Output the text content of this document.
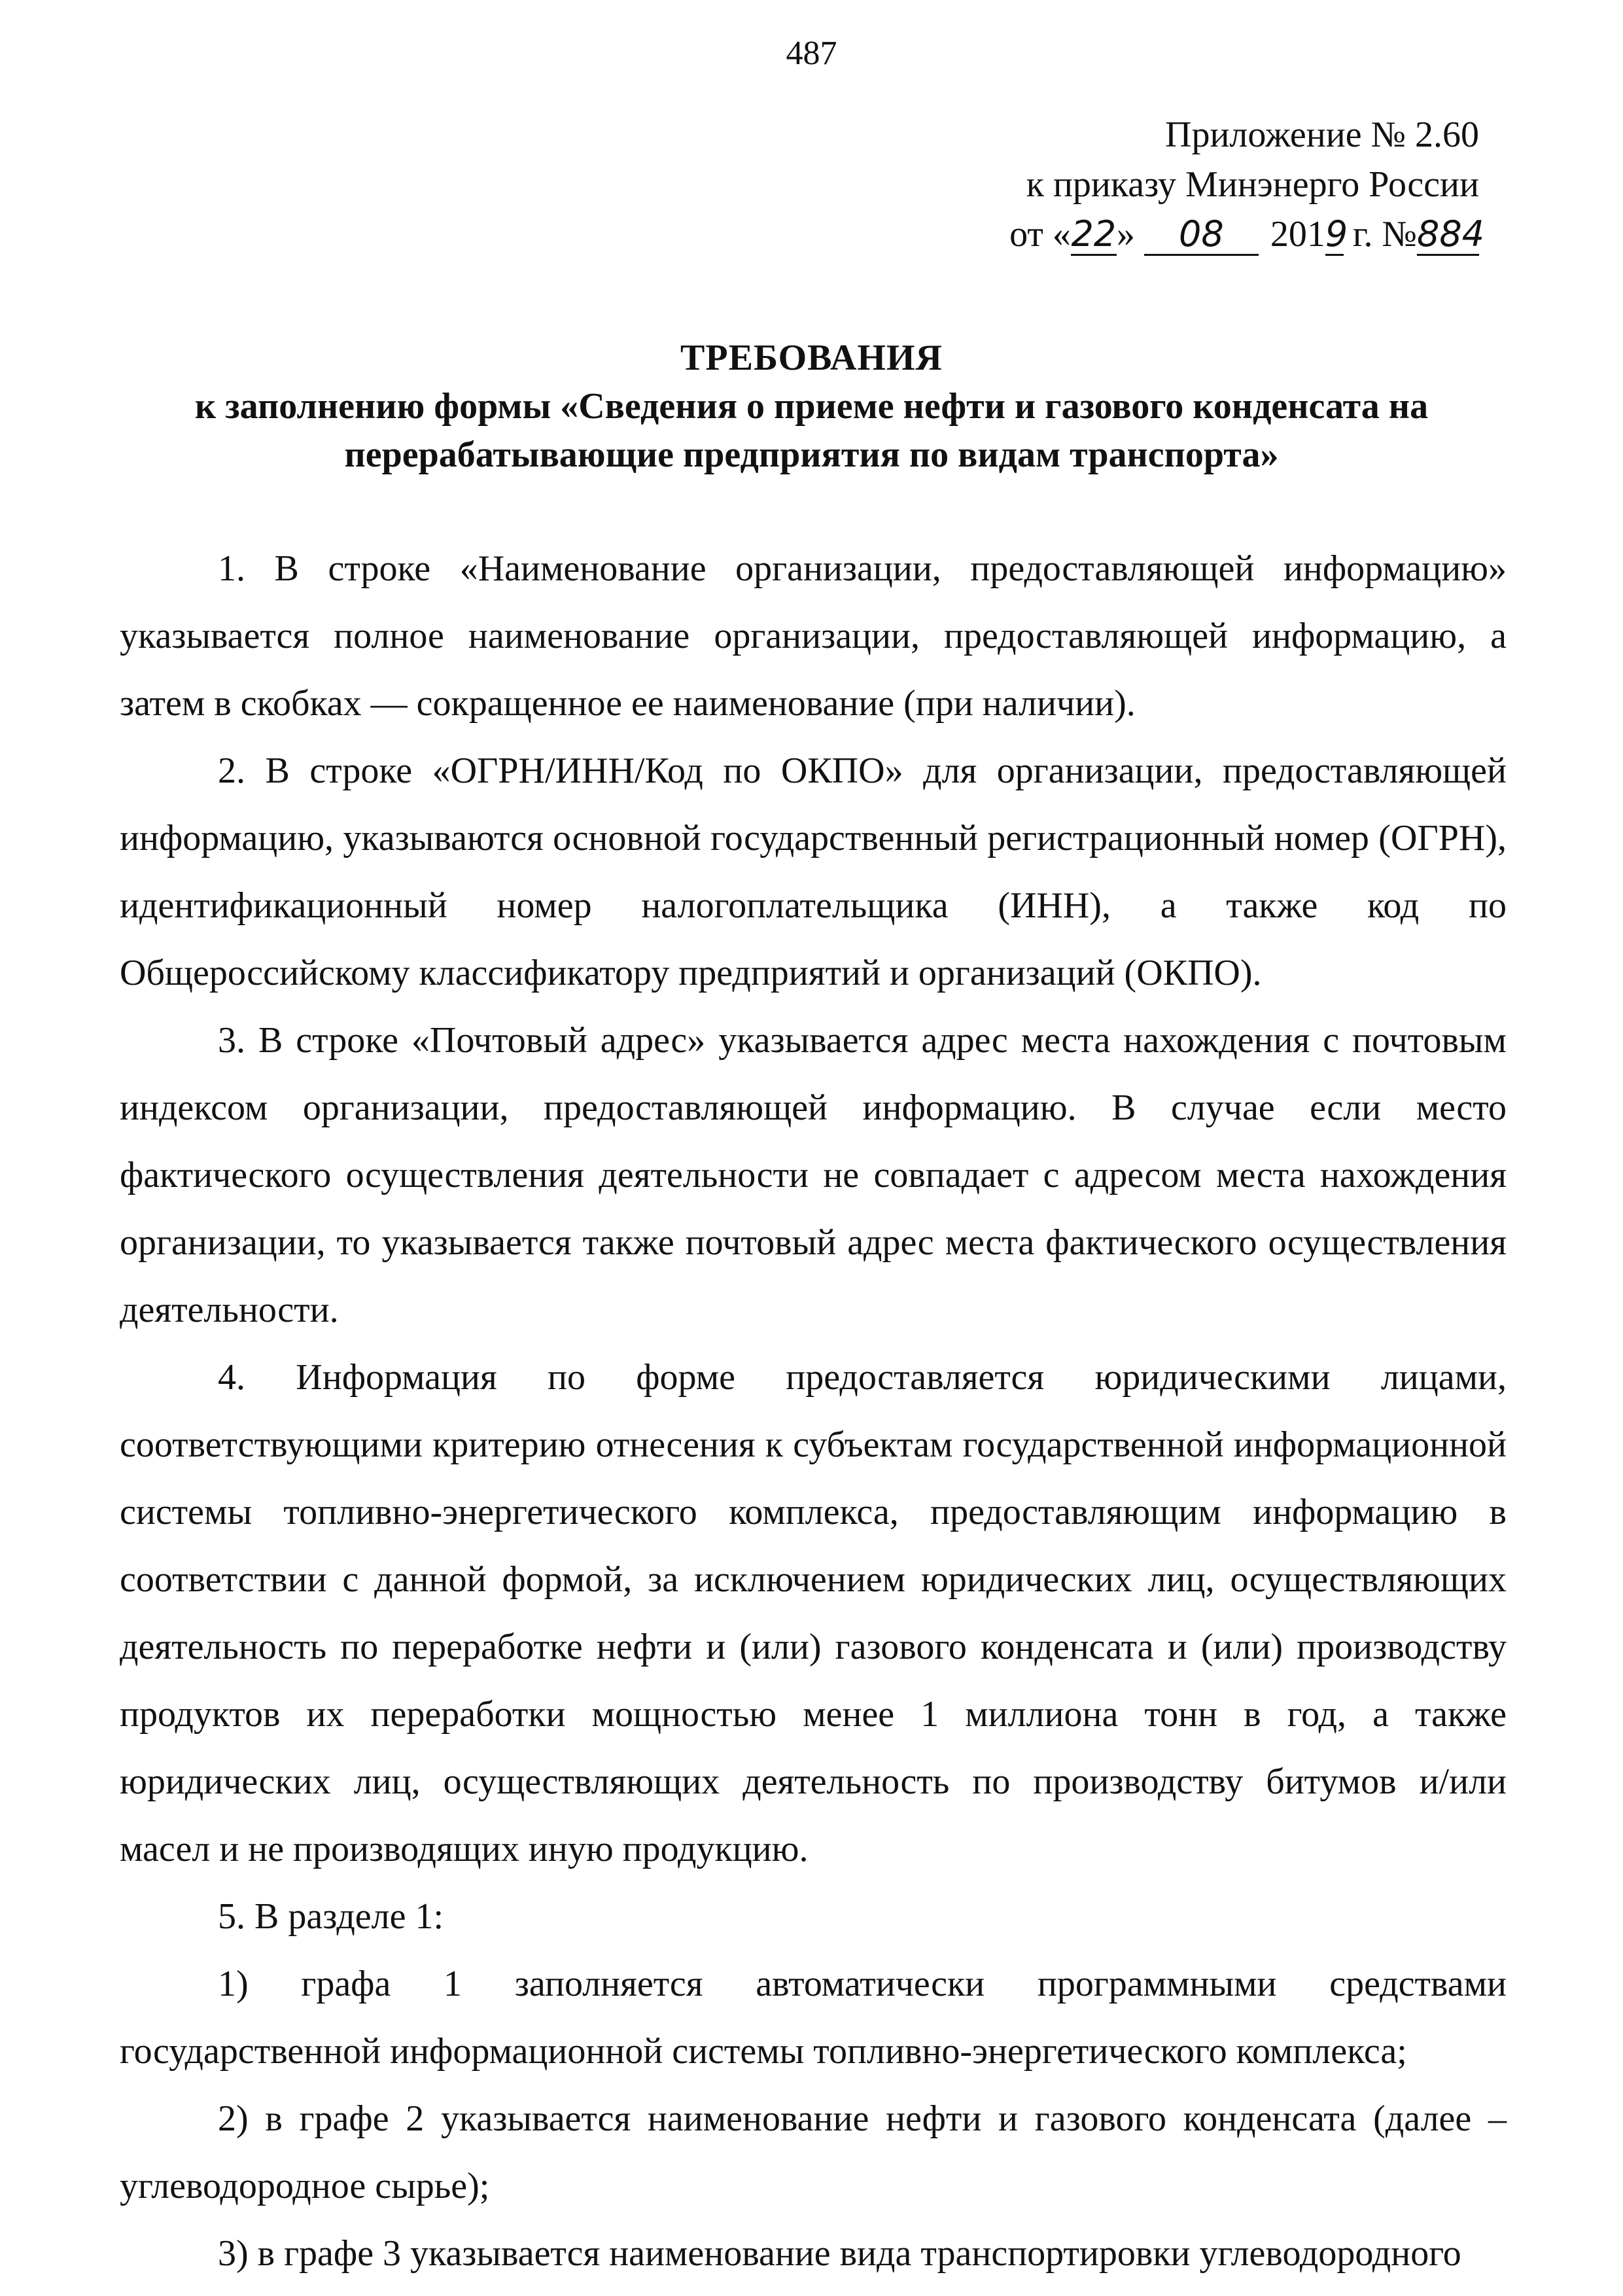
487
Приложение № 2.60
к приказу Минэнерго России
от «22» 08 2019 г. №884
ТРЕБОВАНИЯ
к заполнению формы «Сведения о приеме нефти и газового конденсата на перерабатывающие предприятия по видам транспорта»

1. В строке «Наименование организации, предоставляющей информацию» указывается полное наименование организации, предоставляющей информацию, а затем в скобках — сокращенное ее наименование (при наличии).

2. В строке «ОГРН/ИНН/Код по ОКПО» для организации, предоставляющей информацию, указываются основной государственный регистрационный номер (ОГРН), идентификационный номер налогоплательщика (ИНН), а также код по Общероссийскому классификатору предприятий и организаций (ОКПО).

3. В строке «Почтовый адрес» указывается адрес места нахождения с почтовым индексом организации, предоставляющей информацию. В случае если место фактического осуществления деятельности не совпадает с адресом места нахождения организации, то указывается также почтовый адрес места фактического осуществления деятельности.

4. Информация по форме предоставляется юридическими лицами, соответствующими критерию отнесения к субъектам государственной информационной системы топливно-энергетического комплекса, предоставляющим информацию в соответствии с данной формой, за исключением юридических лиц, осуществляющих деятельность по переработке нефти и (или) газового конденсата и (или) производству продуктов их переработки мощностью менее 1 миллиона тонн в год, а также юридических лиц, осуществляющих деятельность по производству битумов и/или масел и не производящих иную продукцию.

5. В разделе 1:

1) графа 1 заполняется автоматически программными средствами государственной информационной системы топливно-энергетического комплекса;

2) в графе 2 указывается наименование нефти и газового конденсата (далее – углеводородное сырье);

3) в графе 3 указывается наименование вида транспортировки углеводородного
